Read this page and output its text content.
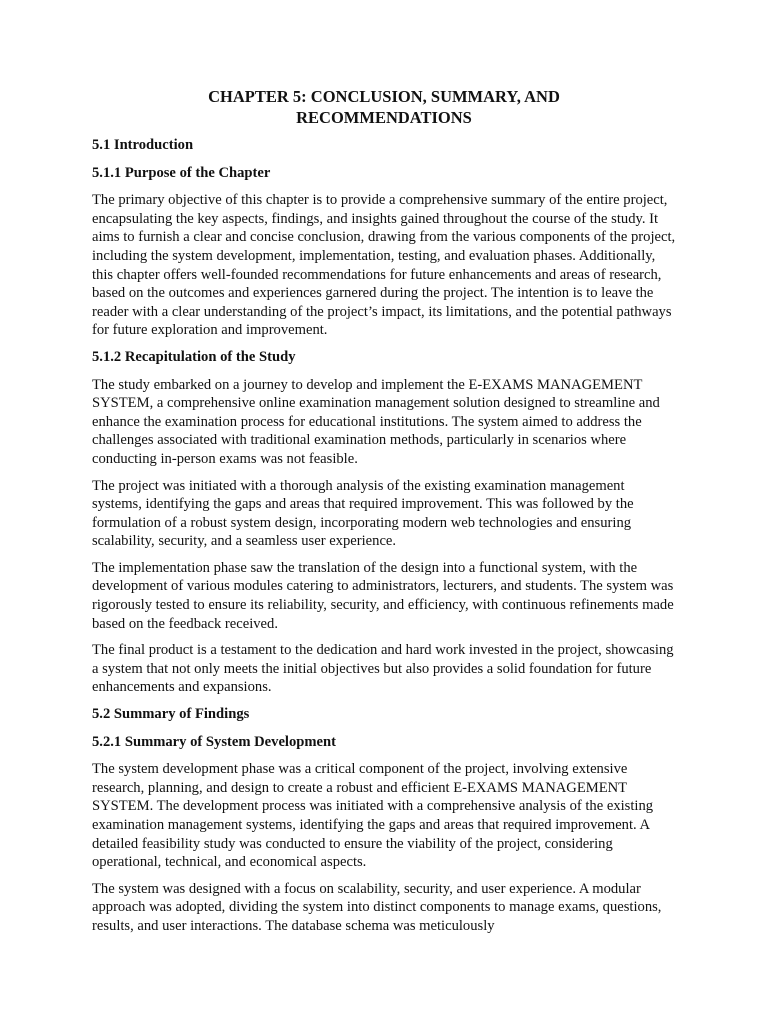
CHAPTER 5: CONCLUSION, SUMMARY, AND
RECOMMENDATIONS
5.1 Introduction
5.1.1 Purpose of the Chapter

The primary objective of this chapter is to provide a comprehensive summary of the entire project, encapsulating the key aspects, findings, and insights gained throughout the course of the study. It aims to furnish a clear and concise conclusion, drawing from the various components of the project, including the system development, implementation, testing, and evaluation phases. Additionally, this chapter offers well-founded recommendations for future enhancements and areas of research, based on the outcomes and experiences garnered during the project. The intention is to leave the reader with a clear understanding of the project’s impact, its limitations, and the potential pathways for future exploration and improvement.

5.1.2 Recapitulation of the Study

The study embarked on a journey to develop and implement the E-EXAMS MANAGEMENT SYSTEM, a comprehensive online examination management solution designed to streamline and enhance the examination process for educational institutions. The system aimed to address the challenges associated with traditional examination methods, particularly in scenarios where conducting in-person exams was not feasible.

The project was initiated with a thorough analysis of the existing examination management systems, identifying the gaps and areas that required improvement. This was followed by the formulation of a robust system design, incorporating modern web technologies and ensuring scalability, security, and a seamless user experience.

The implementation phase saw the translation of the design into a functional system, with the development of various modules catering to administrators, lecturers, and students. The system was rigorously tested to ensure its reliability, security, and efficiency, with continuous refinements made based on the feedback received.

The final product is a testament to the dedication and hard work invested in the project, showcasing a system that not only meets the initial objectives but also provides a solid foundation for future enhancements and expansions.

5.2 Summary of Findings
5.2.1 Summary of System Development

The system development phase was a critical component of the project, involving extensive research, planning, and design to create a robust and efficient E-EXAMS MANAGEMENT SYSTEM. The development process was initiated with a comprehensive analysis of the existing examination management systems, identifying the gaps and areas that required improvement. A detailed feasibility study was conducted to ensure the viability of the project, considering operational, technical, and economical aspects.

The system was designed with a focus on scalability, security, and user experience. A modular approach was adopted, dividing the system into distinct components to manage exams, questions, results, and user interactions. The database schema was meticulously
